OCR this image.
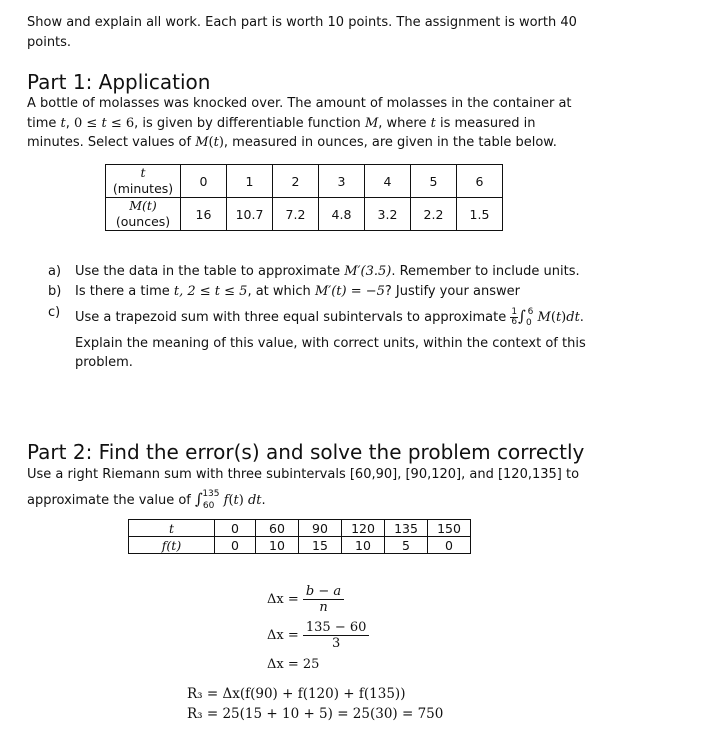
Show and explain all work. Each part is worth 10 points. The assignment is worth 40 points.
Part 1: Application
A bottle of molasses was knocked over. The amount of molasses in the container at
time t, 0 ≤ t ≤ 6, is given by differentiable function M, where t is measured in
minutes. Select values of M(t), measured in ounces, are given in the table below.
t
(minutes)	0	1	2	3	4	5	6
M(t)
(ounces)	16	10.7	7.2	4.8	3.2	2.2	1.5
a) Use the data in the table to approximate M′(3.5). Remember to include units.
b) Is there a time t, 2 ≤ t ≤ 5, at which M′(t) = −5? Justify your answer
c) Use a trapezoid sum with three equal subintervals to approximate $\frac{1}{6} \int_0^6$ M(t)dt.
Explain the meaning of this value, with correct units, within the context of this
problem.
Part 2: Find the error(s) and solve the problem correctly
Use a right Riemann sum with three subintervals [60,90], [90,120], and [120,135] to
approximate the value of $\int_{60}^{135}$ f(t) dt.
t	0	60	90	120	135	150
f(t)	0	10	15	10	5	0
$\Delta x = \frac{b - a}{n}$
$\Delta x = \frac{135 - 60}{3}$
Δx = 25
R₃ = Δx(f(90) + f(120) + f(135))
R₃ = 25(15 + 10 + 5) = 25(30) = 750
